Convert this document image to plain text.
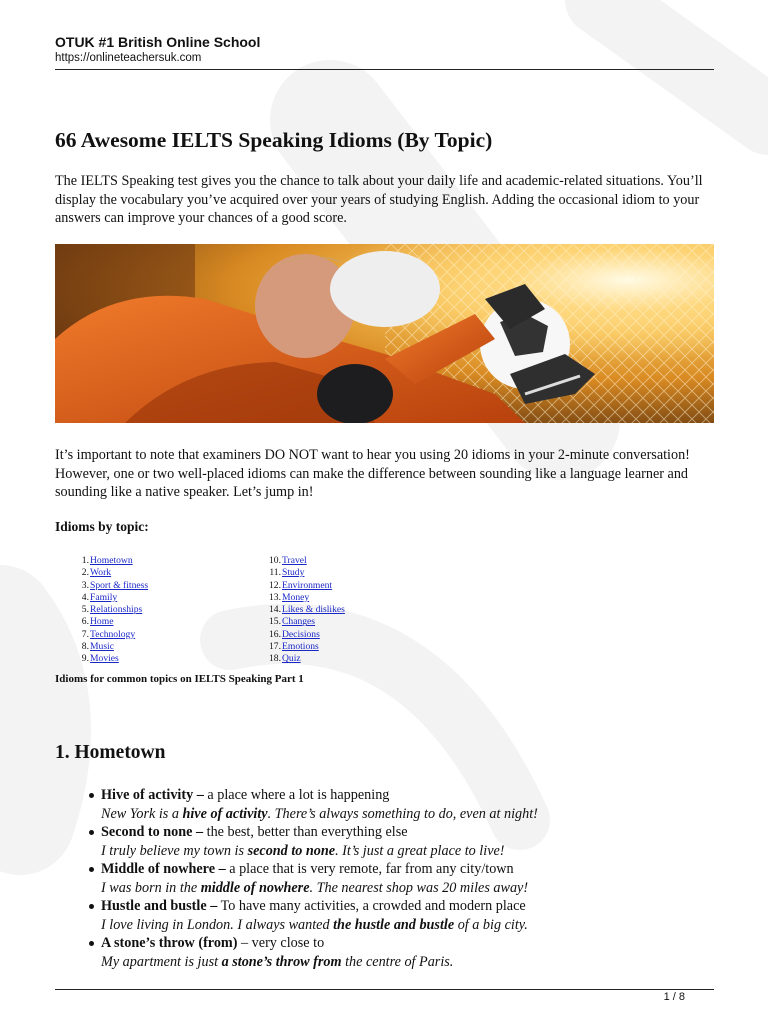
OTUK #1 British Online School
https://onlineteachersuk.com
66 Awesome IELTS Speaking Idioms (By Topic)

The IELTS Speaking test gives you the chance to talk about your daily life and academic-related situations. You’ll display the vocabulary you’ve acquired over your years of studying English. Adding the occasional idiom to your answers can improve your chances of a good score.

It’s important to note that examiners DO NOT want to hear you using 20 idioms in your 2-minute conversation! However, one or two well-placed idioms can make the difference between sounding like a language learner and sounding like a native speaker. Let’s jump in!

Idioms by topic:
1.Hometown
2.Work
3.Sport & fitness
4.Family
5.Relationships
6.Home
7.Technology
8.Music
9.Movies
10.Travel
11.Study
12.Environment
13.Money
14.Likes & dislikes
15.Changes
16.Decisions
17.Emotions
18.Quiz

Idioms for common topics on IELTS Speaking Part 1

1. Hometown
Hive of activity – a place where a lot is happening
New York is a hive of activity. There’s always something to do, even at night!
Second to none – the best, better than everything else
I truly believe my town is second to none. It’s just a great place to live!
Middle of nowhere – a place that is very remote, far from any city/town
I was born in the middle of nowhere. The nearest shop was 20 miles away!
Hustle and bustle – To have many activities, a crowded and modern place
I love living in London. I always wanted the hustle and bustle of a big city.
A stone’s throw (from) – very close to
My apartment is just a stone’s throw from the centre of Paris.
1 / 8
